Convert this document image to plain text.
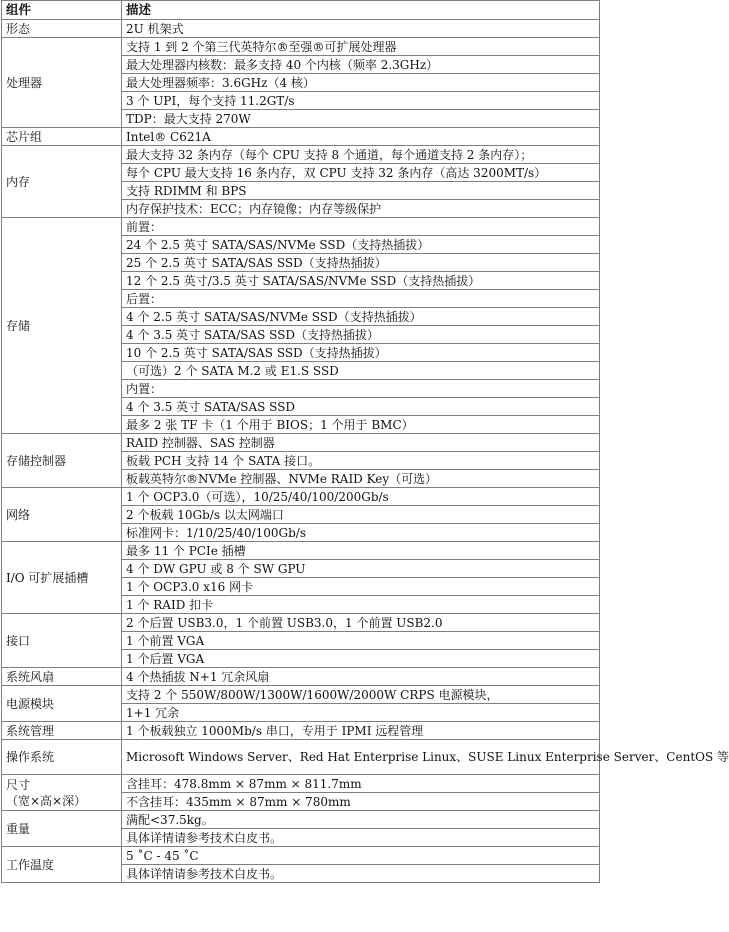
组件	描述
形态	2U 机架式
处理器	支持 1 到 2 个第三代英特尔®至强®可扩展处理器
	最大处理器内核数：最多支持 40 个内核（频率 2.3GHz）
	最大处理器频率：3.6GHz（4 核）
	3 个 UPI，每个支持 11.2GT/s
	TDP：最大支持 270W
芯片组	Intel® C621A
内存	最大支持 32 条内存（每个 CPU 支持 8 个通道，每个通道支持 2 条内存）；
	每个 CPU 最大支持 16 条内存，双 CPU 支持 32 条内存（高达 3200MT/s）
	支持 RDIMM 和 BPS
	内存保护技术：ECC；内存镜像；内存等级保护
存储	前置：
	24 个 2.5 英寸 SATA/SAS/NVMe SSD（支持热插拔）
	25 个 2.5 英寸 SATA/SAS SSD（支持热插拔）
	12 个 2.5 英寸/3.5 英寸 SATA/SAS/NVMe SSD（支持热插拔）
	后置：
	4 个 2.5 英寸 SATA/SAS/NVMe SSD（支持热插拔）
	4 个 3.5 英寸 SATA/SAS SSD（支持热插拔）
	10 个 2.5 英寸 SATA/SAS SSD（支持热插拔）
	（可选）2 个 SATA M.2 或 E1.S SSD
	内置：
	4 个 3.5 英寸 SATA/SAS SSD
	最多 2 张 TF 卡（1 个用于 BIOS；1 个用于 BMC）
存储控制器	RAID 控制器、SAS 控制器
	板载 PCH 支持 14 个 SATA 接口。
	板载英特尔®NVMe 控制器、NVMe RAID Key（可选）
网络	1 个 OCP3.0（可选），10/25/40/100/200Gb/s
	2 个板载 10Gb/s 以太网端口
	标准网卡：1/10/25/40/100Gb/s
I/O 可扩展插槽	最多 11 个 PCIe 插槽
	4 个 DW GPU 或 8 个 SW GPU
	1 个 OCP3.0 x16 网卡
	1 个 RAID 扣卡
接口	2 个后置 USB3.0，1 个前置 USB3.0，1 个前置 USB2.0
	1 个前置 VGA
	1 个后置 VGA
系统风扇	4 个热插拔 N+1 冗余风扇
电源模块	支持 2 个 550W/800W/1300W/1600W/2000W CRPS 电源模块，
	1+1 冗余
系统管理	1 个板载独立 1000Mb/s 串口，专用于 IPMI 远程管理
操作系统	Microsoft Windows Server、Red Hat Enterprise Linux、SUSE Linux Enterprise Server、CentOS 等

尺寸
（宽×高×深）	含挂耳：478.8mm × 87mm × 811.7mm
	不含挂耳：435mm × 87mm × 780mm
重量	满配<37.5kg。
	具体详情请参考技术白皮书。
工作温度	5 ˚C - 45 ˚C
	具体详情请参考技术白皮书。
